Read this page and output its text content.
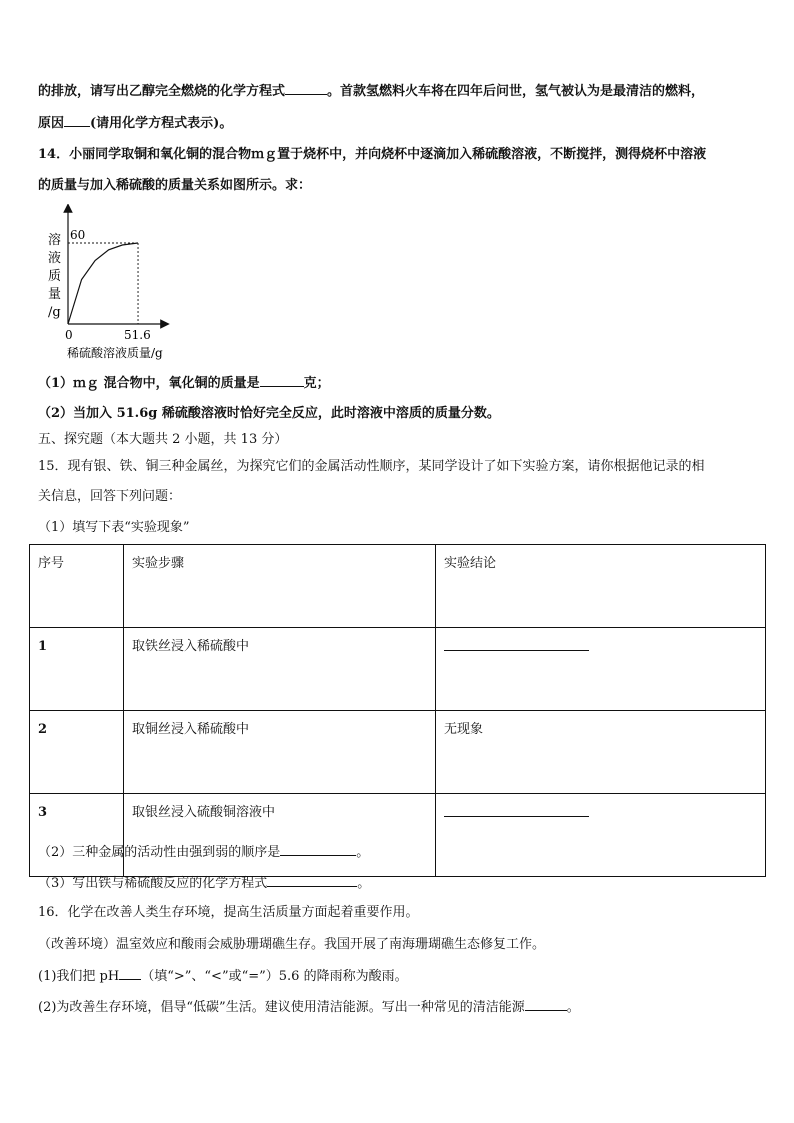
的排放，请写出乙醇完全燃烧的化学方程式	。首款氢燃料火车将在四年后问世，氢气被认为是最清洁的燃料，
原因 (请用化学方程式表示)。
14．小丽同学取铜和氧化铜的混合物ｍｇ置于烧杯中，并向烧杯中逐滴加入稀硫酸溶液，不断搅拌，测得烧杯中溶液
的质量与加入稀硫酸的质量关系如图所示。求：
60
0	51.6
溶
液
质
量
/g
稀硫酸溶液质量/g
（1）ｍｇ 混合物中，氧化铜的质量是	克；
（2）当加入 51.6g 稀硫酸溶液时恰好完全反应，此时溶液中溶质的质量分数。
五、探究题（本大题共 2 小题，共 13 分）
15．现有银、铁、铜三种金属丝，为探究它们的金属活动性顺序，某同学设计了如下实验方案，请你根据他记录的相
关信息，回答下列问题：
（1）填写下表“实验现象”
序号	实验步骤	实验结论
1	取铁丝浸入稀硫酸中	
2	取铜丝浸入稀硫酸中	无现象
3	取银丝浸入硫酸铜溶液中	
（2）三种金属的活动性由强到弱的顺序是	。
（3）写出铁与稀硫酸反应的化学方程式	。
16．化学在改善人类生存环境，提高生活质量方面起着重要作用。
（改善环境）温室效应和酸雨会威胁珊瑚礁生存。我国开展了南海珊瑚礁生态修复工作。
(1)我们把 pH （填“>”、“<”或“=”）5.6 的降雨称为酸雨。
(2)为改善生存环境，倡导“低碳”生活。建议使用清洁能源。写出一种常见的清洁能源	。
